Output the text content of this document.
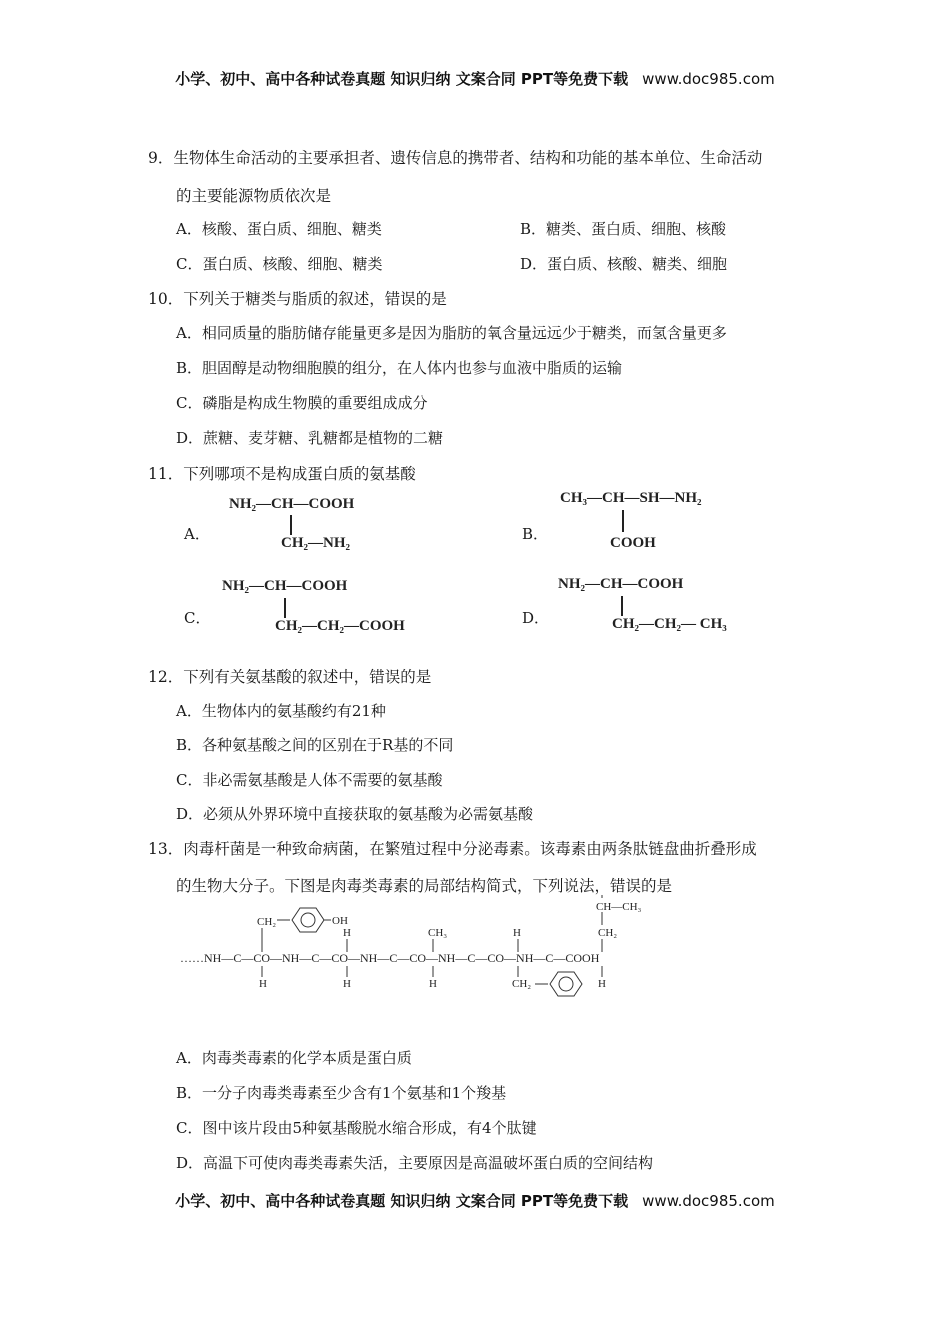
小学、初中、高中各种试卷真题 知识归纳 文案合同 PPT等免费下载 www.doc985.com
9．生物体生命活动的主要承担者、遗传信息的携带者、结构和功能的基本单位、生命活动
的主要能源物质依次是
A．核酸、蛋白质、细胞、糖类	B．糖类、蛋白质、细胞、核酸
C．蛋白质、核酸、细胞、糖类	D．蛋白质、核酸、糖类、细胞
10．下列关于糖类与脂质的叙述，错误的是
A．相同质量的脂肪储存能量更多是因为脂肪的氧含量远远少于糖类，而氢含量更多
B．胆固醇是动物细胞膜的组分，在人体内也参与血液中脂质的运输
C．磷脂是构成生物膜的重要组成成分
D．蔗糖、麦芽糖、乳糖都是植物的二糖
11．下列哪项不是构成蛋白质的氨基酸
A．
NH₂—CH—COOH
CH₂—NH₂	B．
CH₃—CH—SH—NH₂
COOH
C．
NH₂—CH—COOH
CH₂—CH₂—COOH	D．
NH₂—CH—COOH
CH₂—CH₂— CH₃
12．下列有关氨基酸的叙述中，错误的是
A．生物体内的氨基酸约有21种
B．各种氨基酸之间的区别在于R基的不同
C．非必需氨基酸是人体不需要的氨基酸
D．必须从外界环境中直接获取的氨基酸为必需氨基酸
13．肉毒杆菌是一种致命病菌，在繁殖过程中分泌毒素。该毒素由两条肽链盘曲折叠形成
的生物大分子。下图是肉毒类毒素的局部结构简式，下列说法，错误的是
……NH—C—CO—NH—C—CO—NH—C—CO—NH—C—CO—NH—C—COOH
CH₂
H	CH₃	H	CH₂
H	H	H	CH₂	H
OH
CH—CH₃
A．肉毒类毒素的化学本质是蛋白质
B．一分子肉毒类毒素至少含有1个氨基和1个羧基
C．图中该片段由5种氨基酸脱水缩合形成，有4个肽键
D．高温下可使肉毒类毒素失活，主要原因是高温破坏蛋白质的空间结构
小学、初中、高中各种试卷真题 知识归纳 文案合同 PPT等免费下载 www.doc985.com
